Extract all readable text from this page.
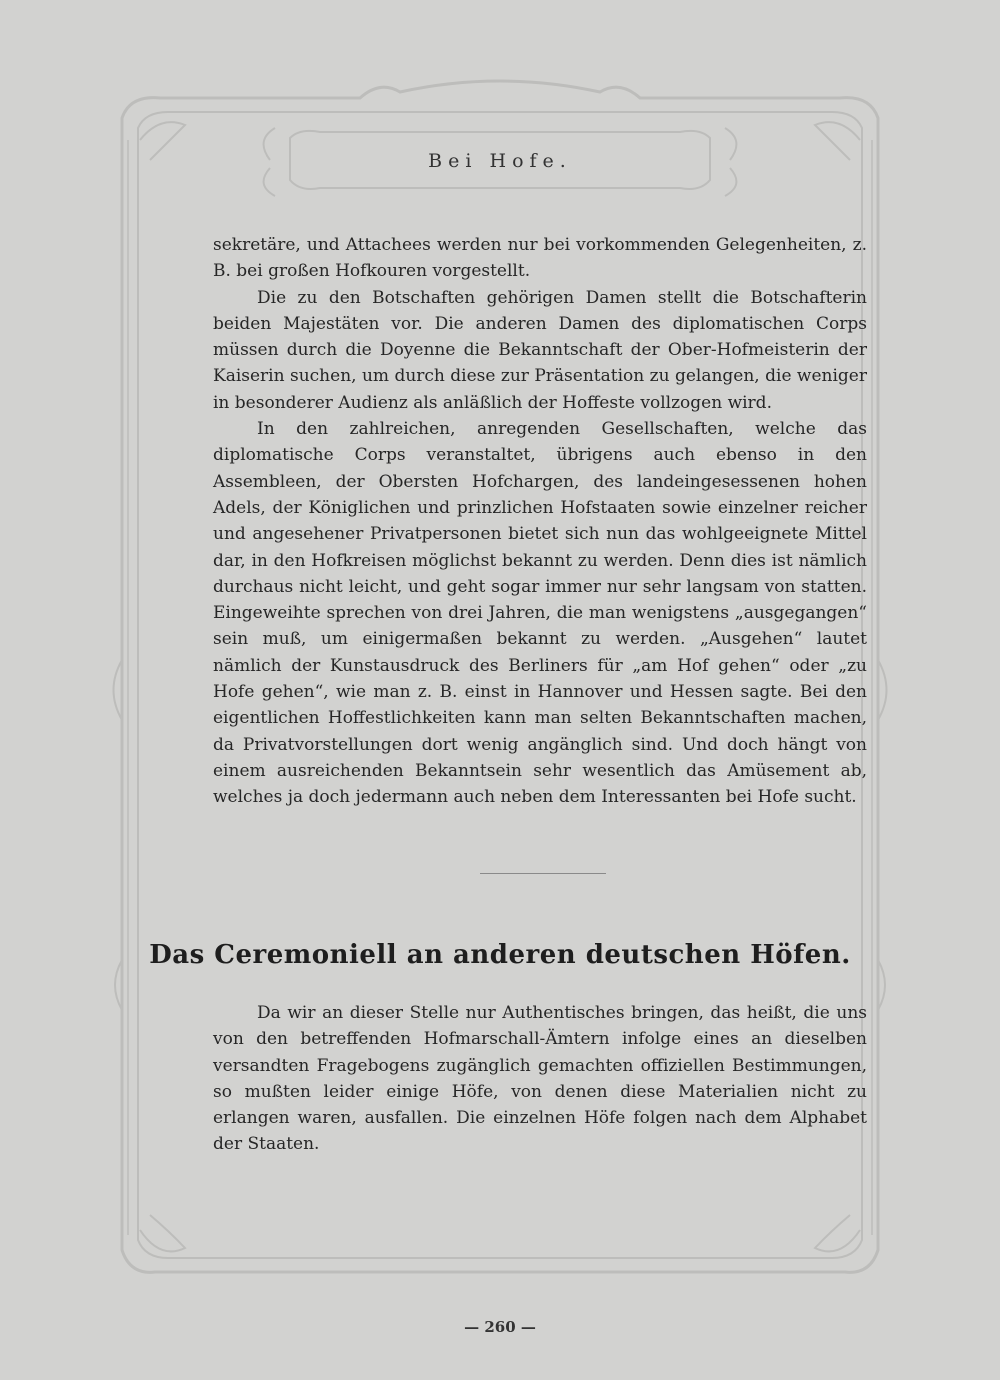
Bei Hofe.

sekretäre, und Attachees werden nur bei vorkommenden Gelegenheiten, z. B. bei großen Hofkouren vorgestellt.

Die zu den Botschaften gehörigen Damen stellt die Botschafterin beiden Majestäten vor. Die anderen Damen des diplomatischen Corps müssen durch die Doyenne die Bekanntschaft der Ober-Hofmeisterin der Kaiserin suchen, um durch diese zur Präsentation zu gelangen, die weniger in besonderer Audienz als anläßlich der Hoffeste vollzogen wird.

In den zahlreichen, anregenden Gesellschaften, welche das diplomatische Corps veranstaltet, übrigens auch ebenso in den Assembleen, der Obersten Hofchargen, des landeingesessenen hohen Adels, der Königlichen und prinzlichen Hofstaaten sowie einzelner reicher und angesehener Privatpersonen bietet sich nun das wohlgeeignete Mittel dar, in den Hofkreisen möglichst bekannt zu werden. Denn dies ist nämlich durchaus nicht leicht, und geht sogar immer nur sehr langsam von statten. Eingeweihte sprechen von drei Jahren, die man wenigstens „ausgegangen“ sein muß, um einigermaßen bekannt zu werden. „Ausgehen“ lautet nämlich der Kunstausdruck des Berliners für „am Hof gehen“ oder „zu Hofe gehen“, wie man z. B. einst in Hannover und Hessen sagte. Bei den eigentlichen Hoffestlichkeiten kann man selten Bekanntschaften machen, da Privatvorstellungen dort wenig angänglich sind. Und doch hängt von einem ausreichenden Bekanntsein sehr wesentlich das Amüsement ab, welches ja doch jedermann auch neben dem Interessanten bei Hofe sucht.

Das Ceremoniell an anderen deutschen Höfen.

Da wir an dieser Stelle nur Authentisches bringen, das heißt, die uns von den betreffenden Hofmarschall-Ämtern infolge eines an dieselben versandten Fragebogens zugänglich gemachten offiziellen Bestimmungen, so mußten leider einige Höfe, von denen diese Materialien nicht zu erlangen waren, ausfallen. Die einzelnen Höfe folgen nach dem Alphabet der Staaten.

— 260 —
